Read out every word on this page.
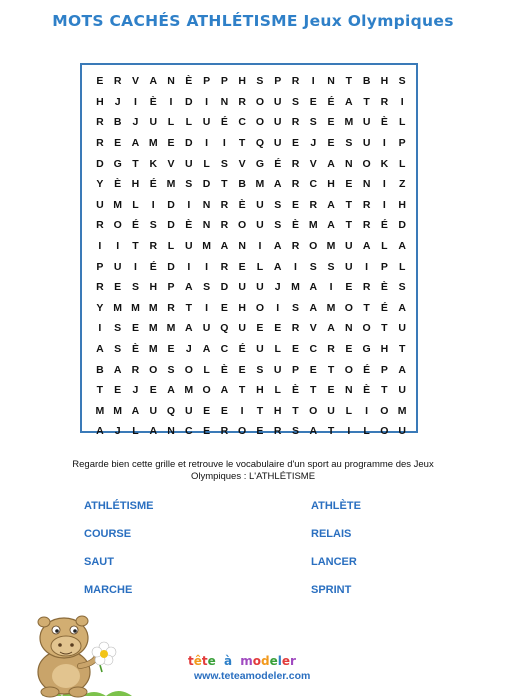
MOTS CACHÉS ATHLÉTISME Jeux Olympiques
E R V A N È	P	P H S	P R	I	N	T	B H S
H	J	I	È	I	D	I	N R O U S	E	É A	T	R	I
R B	J	U	L	L	U É C O U R S	E M U È	L
R E A M E D	I	I	T Q U E	J	E	S U	I	P
D G T	K V U	L	S	V G É R V A N O K	L
Y	È H É M S D	T	B M A R C H E N	I	Z
U M L	I	D	I	N R È U S	E R A	T	R	I	H
R O É	S D È N R O U S	È M A	T	R É D
I	I	T	R	L	U M A N	I	A R O M U A	L	A
P U	I	É D	I	I	R E	L	A	I	S	S U	I	P	L
R E	S H P A S D U U	J M A	I	E R È	S
Y M M M R	T	I	E H O	I	S A M O T	É A
I	S	E M M A U Q U E	E R V A N O T	U
A S	È M E	J	A C É U	L	E C R E G H	T
B A R O S O L	È	E	S U P	E	T O É	P A
T	E	J	E A M O A	T	H	L	È	T	E N È	T	U
M M A U Q U E	E	I	T	H	T O U	L	I	O M
A	J	L	A N C E R O E R S A	T	I	L O U
Regarde bien cette grille et retrouve le vocabulaire d'un sport au programme des Jeux
Olympiques : L'ATHLÉTISME
ATHLÉTISME
COURSE
SAUT
MARCHE
ATHLÈTE
RELAIS
LANCER
SPRINT
tête à modeler
www.teteamodeler.com
